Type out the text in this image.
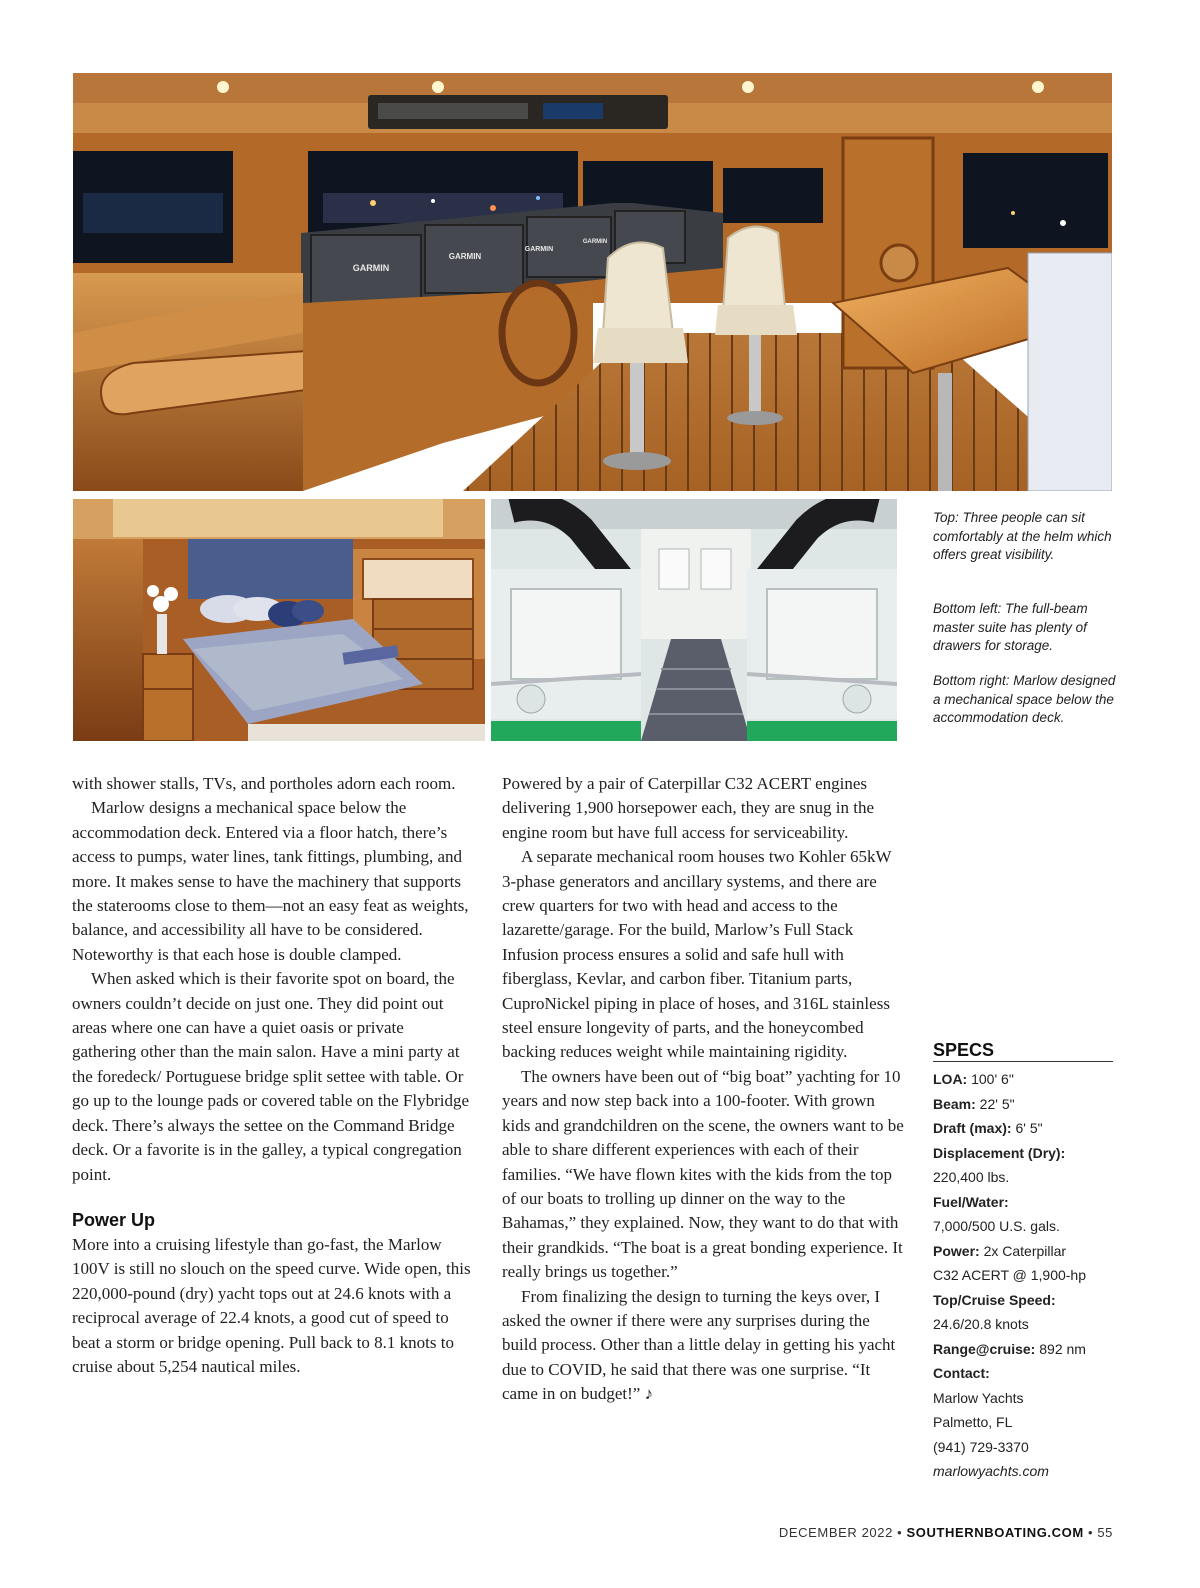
GARMIN
GARMIN
GARMIN
GARMIN

Top: Three people can sit comfortably at the helm which offers great visibility.

Bottom left: The full-beam master suite has plenty of drawers for storage.

Bottom right: Marlow designed a mechanical space below the accommodation deck.

with shower stalls, TVs, and portholes adorn each room.

Marlow designs a mechanical space below the accommodation deck. Entered via a floor hatch, there’s access to pumps, water lines, tank fittings, plumbing, and more. It makes sense to have the machinery that supports the staterooms close to them—not an easy feat as weights, balance, and accessibility all have to be considered. Noteworthy is that each hose is double clamped.

When asked which is their favorite spot on board, the owners couldn’t decide on just one. They did point out areas where one can have a quiet oasis or private gathering other than the main salon. Have a mini party at the foredeck/ Portuguese bridge split settee with table. Or go up to the lounge pads or covered table on the Flybridge deck. There’s always the settee on the Command Bridge deck. Or a favorite is in the galley, a typical congregation point.

Power Up

More into a cruising lifestyle than go-fast, the Marlow 100V is still no slouch on the speed curve. Wide open, this 220,000-pound (dry) yacht tops out at 24.6 knots with a reciprocal average of 22.4 knots, a good cut of speed to beat a storm or bridge opening. Pull back to 8.1 knots to cruise about 5,254 nautical miles.

Powered by a pair of Caterpillar C32 ACERT engines delivering 1,900 horsepower each, they are snug in the engine room but have full access for serviceability.

A separate mechanical room houses two Kohler 65kW 3-phase generators and ancillary systems, and there are crew quarters for two with head and access to the lazarette/garage. For the build, Marlow’s Full Stack Infusion process ensures a solid and safe hull with fiberglass, Kevlar, and carbon fiber. Titanium parts, CuproNickel piping in place of hoses, and 316L stainless steel ensure longevity of parts, and the honeycombed backing reduces weight while maintaining rigidity.

The owners have been out of “big boat” yachting for 10 years and now step back into a 100-footer. With grown kids and grandchildren on the scene, the owners want to be able to share different experiences with each of their families. “We have flown kites with the kids from the top of our boats to trolling up dinner on the way to the Bahamas,” they explained. Now, they want to do that with their grandkids. “The boat is a great bonding experience. It really brings us together.”

From finalizing the design to turning the keys over, I asked the owner if there were any surprises during the build process. Other than a little delay in getting his yacht due to COVID, he said that there was one surprise. “It came in on budget!” ♪

SPECS
LOA: 100' 6"
Beam: 22' 5"
Draft (max): 6' 5"
Displacement (Dry):
220,400 lbs.
Fuel/Water:
7,000/500 U.S. gals.
Power: 2x Caterpillar
C32 ACERT @ 1,900-hp
Top/Cruise Speed:
24.6/20.8 knots
Range@cruise: 892 nm
Contact:
Marlow Yachts
Palmetto, FL
(941) 729-3370
marlowyachts.com
DECEMBER 2022 • SOUTHERNBOATING.COM • 55
